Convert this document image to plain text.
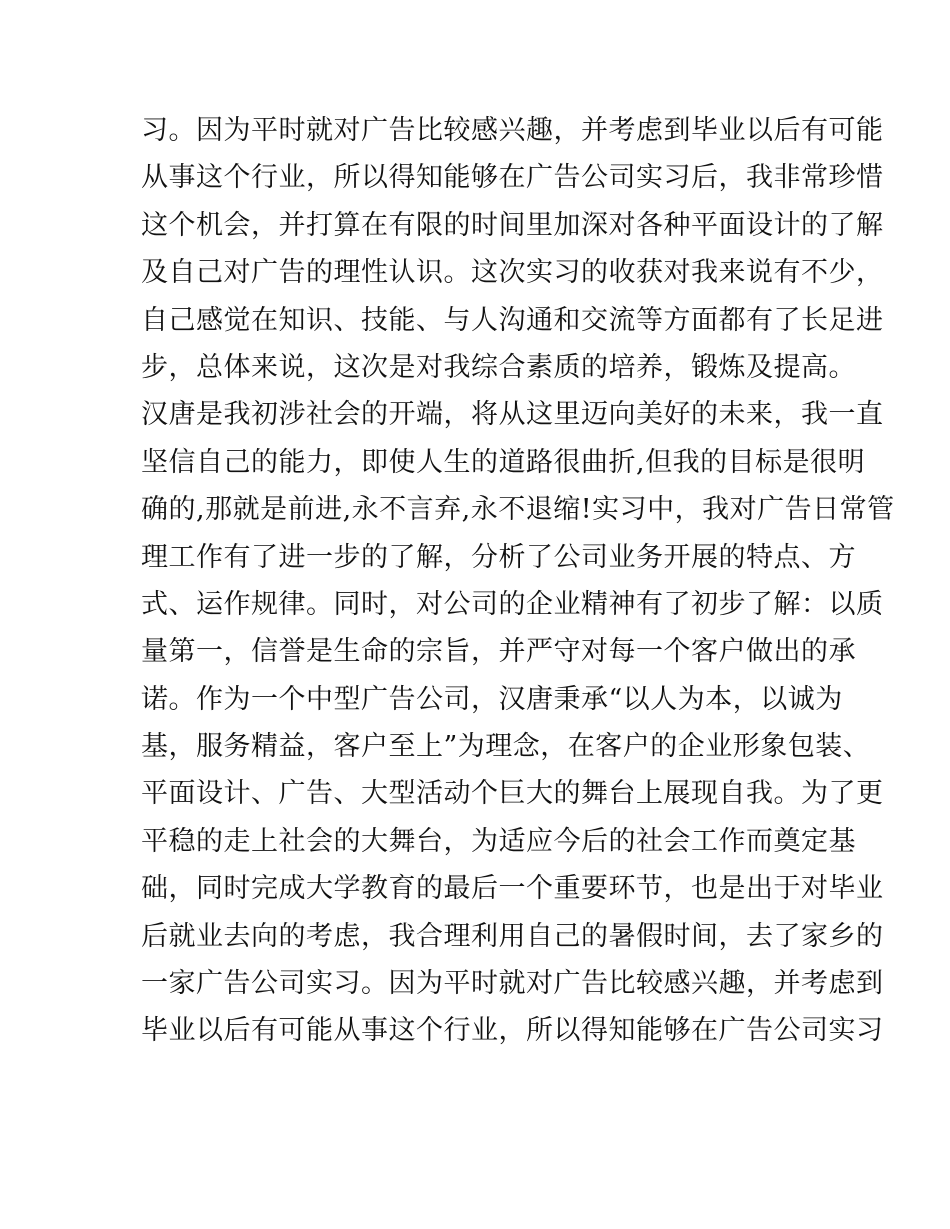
习。因为平时就对广告比较感兴趣，并考虑到毕业以后有可能
从事这个行业，所以得知能够在广告公司实习后，我非常珍惜
这个机会，并打算在有限的时间里加深对各种平面设计的了解
及自己对广告的理性认识。这次实习的收获对我来说有不少，
自己感觉在知识、技能、与人沟通和交流等方面都有了长足进
步，总体来说，这次是对我综合素质的培养，锻炼及提高。
汉唐是我初涉社会的开端，将从这里迈向美好的未来，我一直
坚信自己的能力，即使人生的道路很曲折,但我的目标是很明
确的,那就是前进,永不言弃,永不退缩!实习中，我对广告日常管
理工作有了进一步的了解，分析了公司业务开展的特点、方
式、运作规律。同时，对公司的企业精神有了初步了解：以质
量第一，信誉是生命的宗旨，并严守对每一个客户做出的承
诺。作为一个中型广告公司，汉唐秉承“以人为本，以诚为
基，服务精益，客户至上”为理念，在客户的企业形象包装、
平面设计、广告、大型活动个巨大的舞台上展现自我。为了更
平稳的走上社会的大舞台，为适应今后的社会工作而奠定基
础，同时完成大学教育的最后一个重要环节，也是出于对毕业
后就业去向的考虑，我合理利用自己的暑假时间，去了家乡的
一家广告公司实习。因为平时就对广告比较感兴趣，并考虑到
毕业以后有可能从事这个行业，所以得知能够在广告公司实习
